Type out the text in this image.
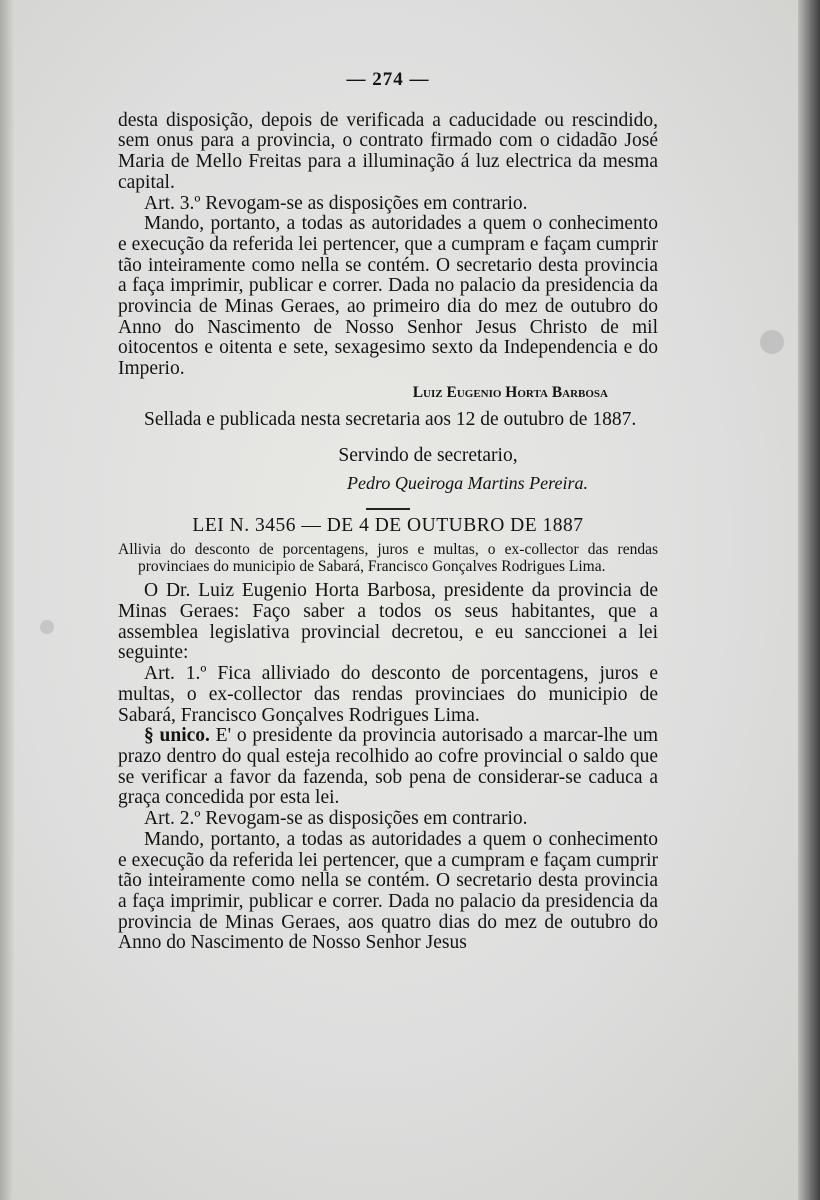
— 274 —

desta disposição, depois de verificada a caducidade ou rescindido, sem onus para a provincia, o contrato firmado com o cidadão José Maria de Mello Freitas para a illuminação á luz electrica da mesma capital.

Art. 3.º Revogam-se as disposições em contrario.

Mando, portanto, a todas as autoridades a quem o conhecimento e execução da referida lei pertencer, que a cumpram e façam cumprir tão inteiramente como nella se contém. O secretario desta provincia a faça imprimir, publicar e correr. Dada no palacio da presidencia da provincia de Minas Geraes, ao primeiro dia do mez de outubro do Anno do Nascimento de Nosso Senhor Jesus Christo de mil oitocentos e oitenta e sete, sexagesimo sexto da Independencia e do Imperio.

Luiz Eugenio Horta Barbosa

Sellada e publicada nesta secretaria aos 12 de outubro de 1887.

Servindo de secretario,
Pedro Queiroga Martins Pereira.
LEI N. 3456 — DE 4 DE OUTUBRO DE 1887

Allivia do desconto de porcentagens, juros e multas, o ex-collector das rendas provinciaes do municipio de Sabará, Francisco Gonçalves Rodrigues Lima.

O Dr. Luiz Eugenio Horta Barbosa, presidente da provincia de Minas Geraes: Faço saber a todos os seus habitantes, que a assemblea legislativa provincial decretou, e eu sanccionei a lei seguinte:

Art. 1.º Fica alliviado do desconto de porcentagens, juros e multas, o ex-collector das rendas provinciaes do municipio de Sabará, Francisco Gonçalves Rodrigues Lima.

§ unico. E' o presidente da provincia autorisado a marcar-lhe um prazo dentro do qual esteja recolhido ao cofre provincial o saldo que se verificar a favor da fazenda, sob pena de considerar-se caduca a graça concedida por esta lei.

Art. 2.º Revogam-se as disposições em contrario.

Mando, portanto, a todas as autoridades a quem o conhecimento e execução da referida lei pertencer, que a cumpram e façam cumprir tão inteiramente como nella se contém. O secretario desta provincia a faça imprimir, publicar e correr. Dada no palacio da presidencia da provincia de Minas Geraes, aos quatro dias do mez de outubro do Anno do Nascimento de Nosso Senhor Jesus
